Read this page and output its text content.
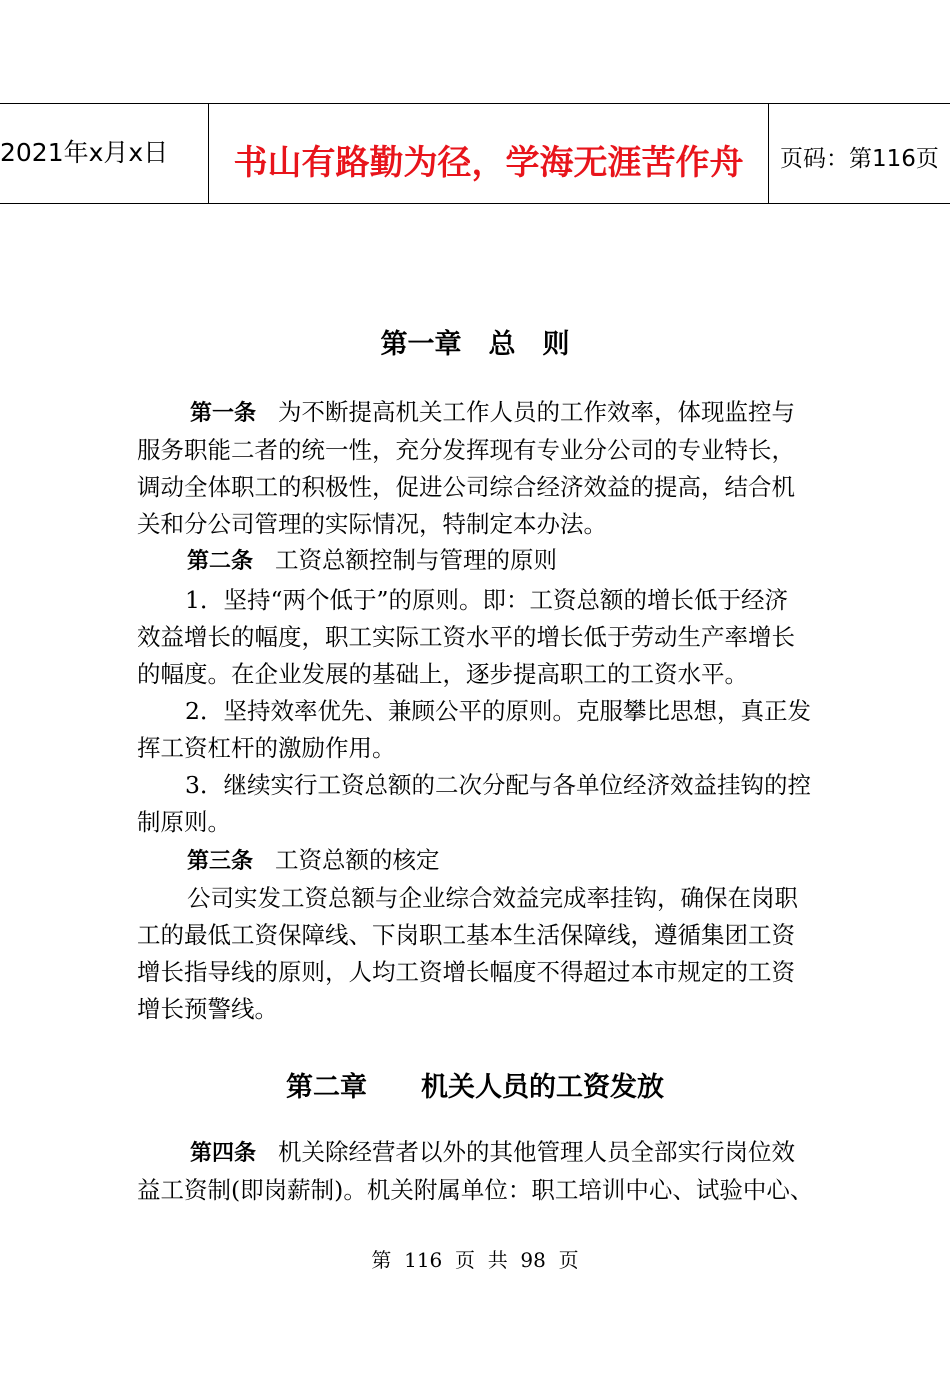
2021年x月x日	书山有路勤为径，学海无涯苦作舟	页码：第116页
第一章　总　则
第一条 为不断提高机关工作人员的工作效率，体现监控与
服务职能二者的统一性，充分发挥现有专业分公司的专业特长，
调动全体职工的积极性，促进公司综合经济效益的提高，结合机
关和分公司管理的实际情况，特制定本办法。
第二条 工资总额控制与管理的原则
1．坚持“两个低于”的原则。即：工资总额的增长低于经济
效益增长的幅度，职工实际工资水平的增长低于劳动生产率增长
的幅度。在企业发展的基础上，逐步提高职工的工资水平。
2．坚持效率优先、兼顾公平的原则。克服攀比思想，真正发
挥工资杠杆的激励作用。
3．继续实行工资总额的二次分配与各单位经济效益挂钩的控
制原则。
第三条 工资总额的核定
公司实发工资总额与企业综合效益完成率挂钩，确保在岗职
工的最低工资保障线、下岗职工基本生活保障线，遵循集团工资
增长指导线的原则，人均工资增长幅度不得超过本市规定的工资
增长预警线。
第二章　　机关人员的工资发放
第四条 机关除经营者以外的其他管理人员全部实行岗位效
益工资制(即岗薪制)。机关附属单位：职工培训中心、试验中心、
第  116  页  共  98  页
